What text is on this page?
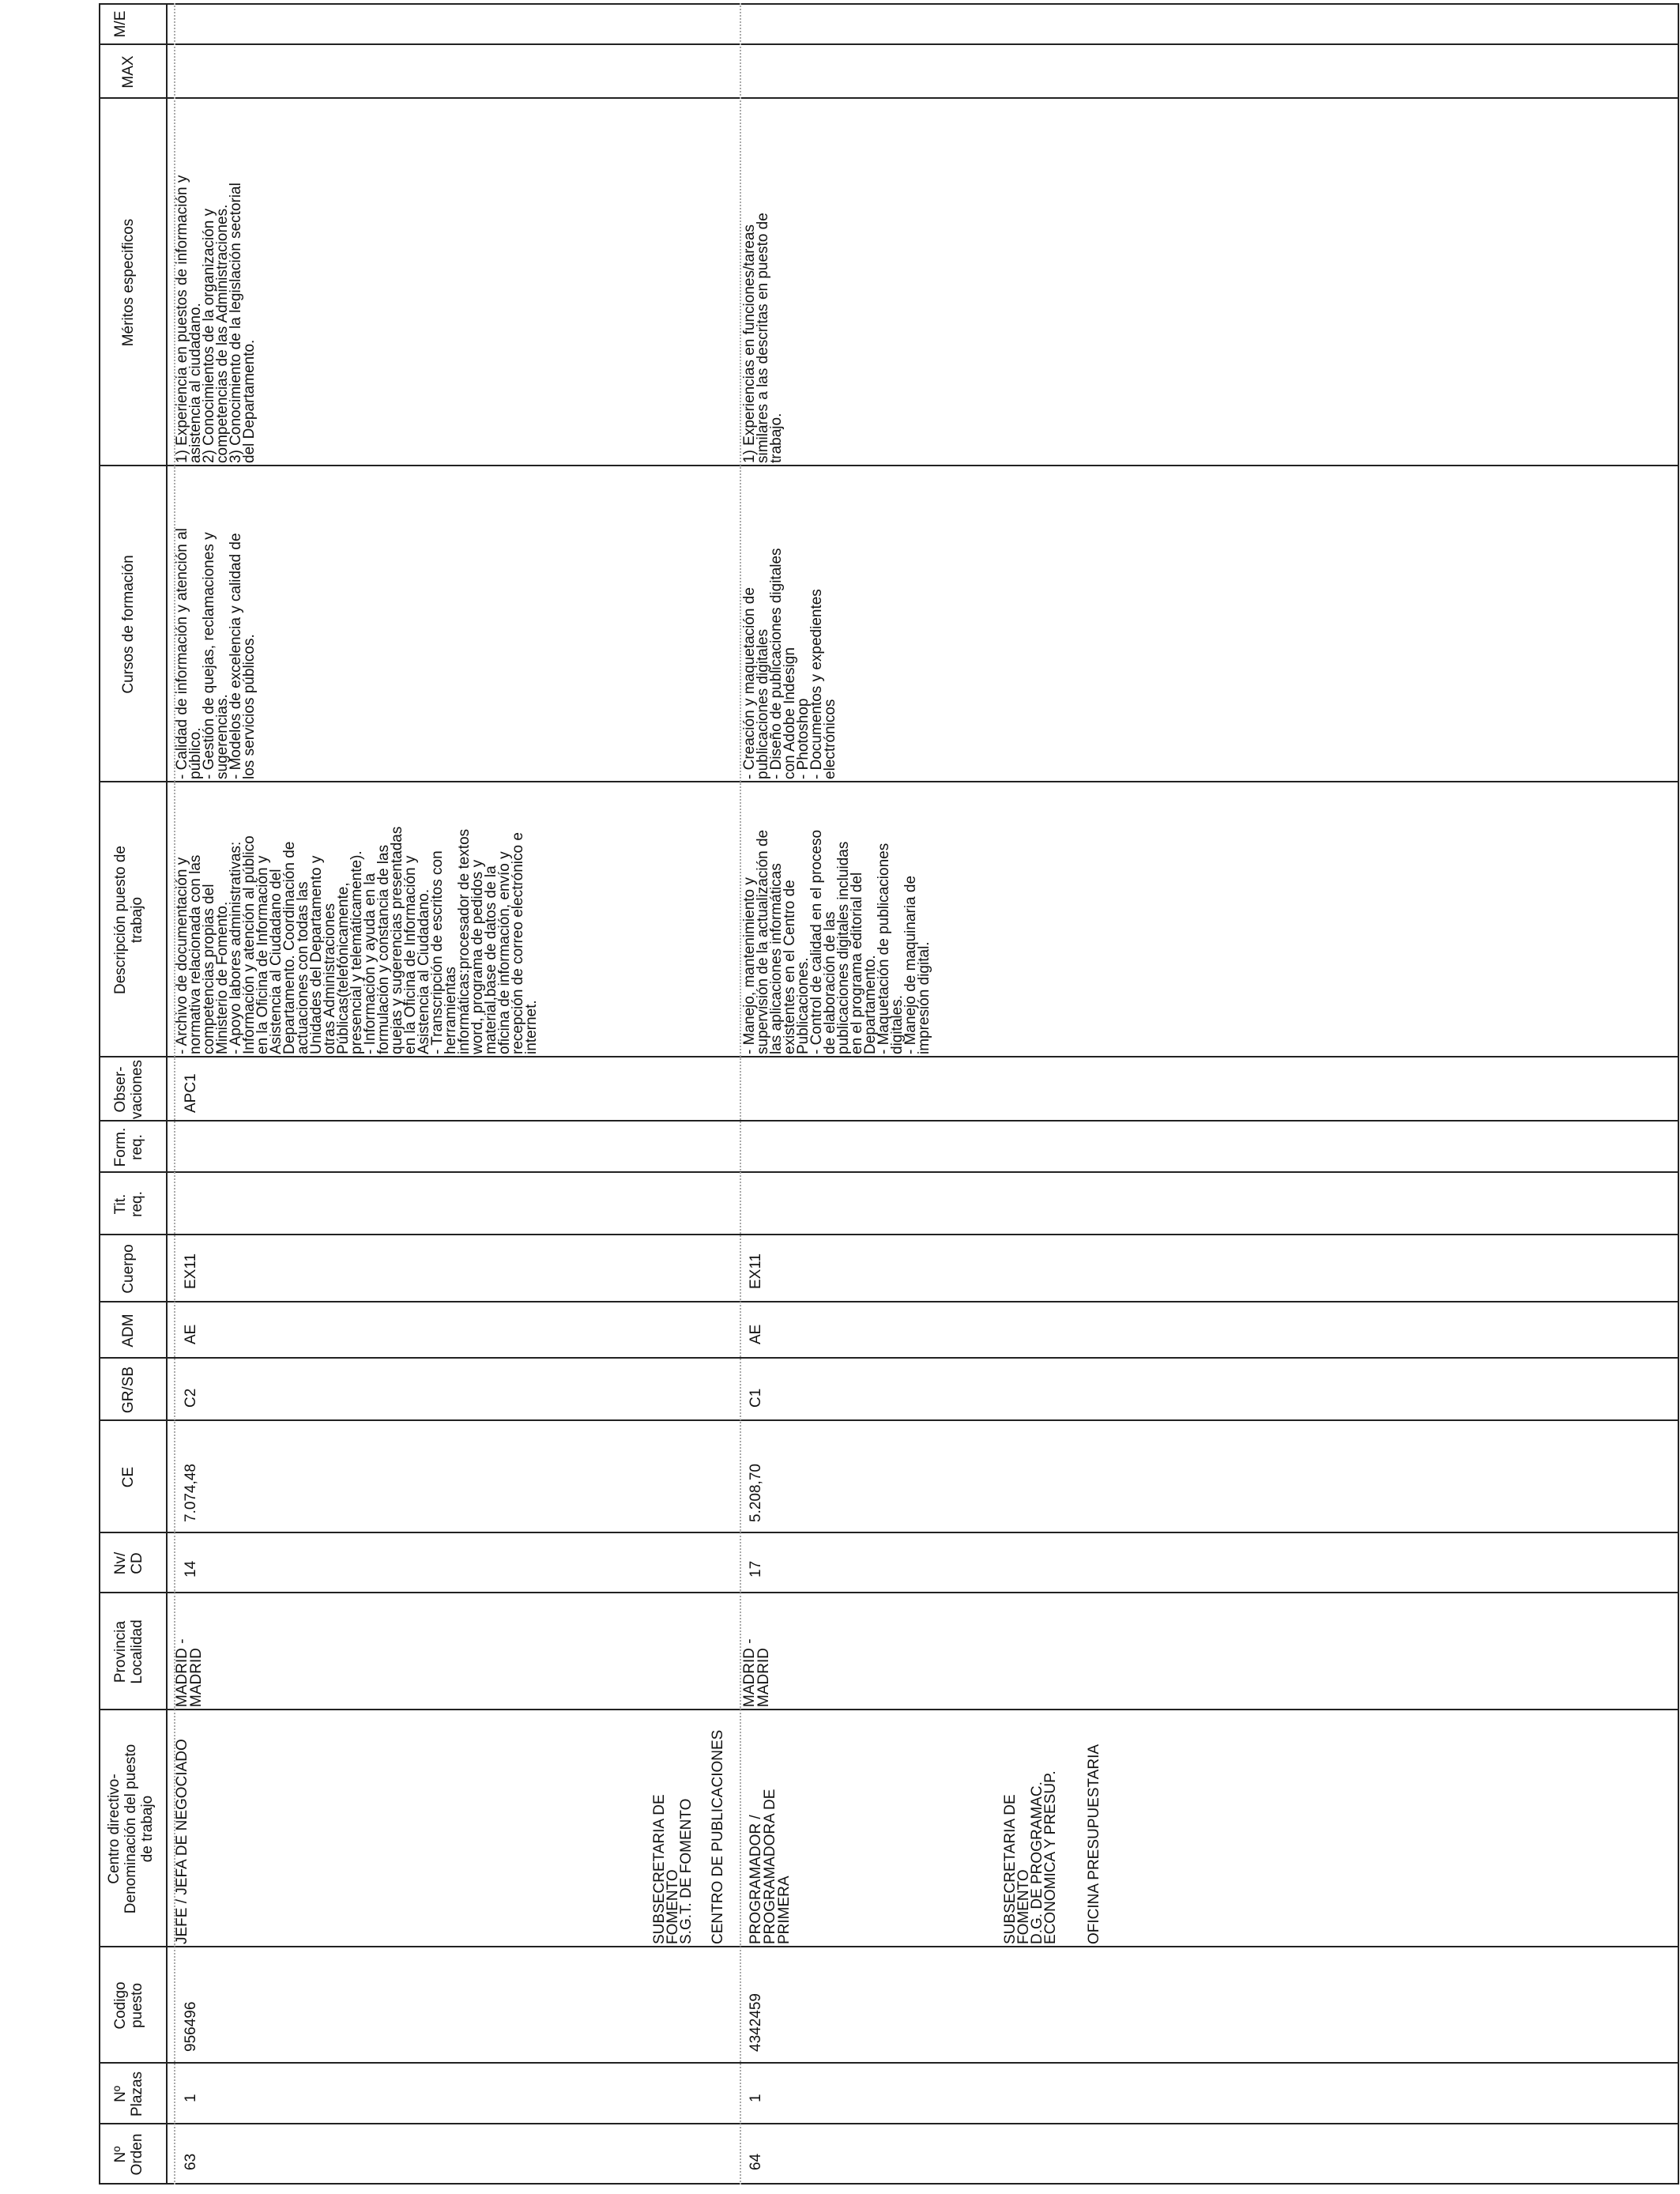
Nº
Orden
Nº
Plazas
Codigo
puesto
Centro directivo-
Denominación del puesto
de trabajo
Provincia
Localidad
Nv/
CD
CE
GR/SB
ADM
Cuerpo
Tit.
req.
Form.
req.
Obser-
vaciones
Descripción puesto de
trabajo
Cursos de formación
Méritos especificos
MAX
M/E
63
1
956496
JEFE / JEFA DE NEGOCIADO	SUBSECRETARIA DE
FOMENTO
S.G.T. DE FOMENTO CENTRO DE PUBLICACIONES
MADRID -
MADRID
14
7.074,48
C2
AE
EX11
APC1
- Archivo de documentación y
normativa relacionada con las
competencias propias del
Ministerio de Fomento.
- Apoyo labores administrativas:
Información y atención al público
en la Oficina de Información y
Asistencia al Ciudadano del
Departamento. Coordinación de
actuaciones con todas las
Unidades del Departamento y
otras Administraciones
Públicas(telefónicamente,
presencial y telemáticamente).
- Información y ayuda en la
formulación y constancia de las
quejas y sugerencias presentadas
en la Oficina de Información y
Asistencia al Ciudadano.
- Transcripción de escritos con
herramientas
informáticas:procesador de textos
word, programa de pedidos y
material,base de datos de la
oficina de información, envío y
recepción de correo electrónico e
internet.
- Calidad de información y atención al
público.
- Gestión de quejas, reclamaciones y
sugerencias.
- Modelos de excelencia y calidad de
los servicios públicos.
1) Experiencia en puestos de información y
asistencia al ciudadano.
2) Conocimientos de la organización y
competencias de las Administraciones.
3) Conocimiento de la legislación sectorial
del Departamento.
64
1
4342459
PROGRAMADOR /
PROGRAMADORA DE
PRIMERA	SUBSECRETARIA DE
FOMENTO
D.G. DE PROGRAMAC.
ECONOMICA Y PRESUP. OFICINA PRESUPUESTARIA
MADRID -
MADRID
17
5.208,70
C1
AE
EX11
- Manejo, mantenimiento y
supervisión de la actualización de
las aplicaciones informáticas
existentes en el Centro de
Publicaciones.
- Control de calidad en el proceso
de elaboración de las
publicaciones digitales incluidas
en el programa editorial del
Departamento.
- Maquetación de publicaciones
digitales.
- Manejo de maquinaria de
impresión digital.
- Creación y maquetación de
publicaciones digitales
- Diseño de publicaciones digitales
con Adobe Indesign
- Photoshop
- Documentos y expedientes
electrónicos
1) Experiencias en funciones/tareas
similares a las descritas en puesto de
trabajo.
